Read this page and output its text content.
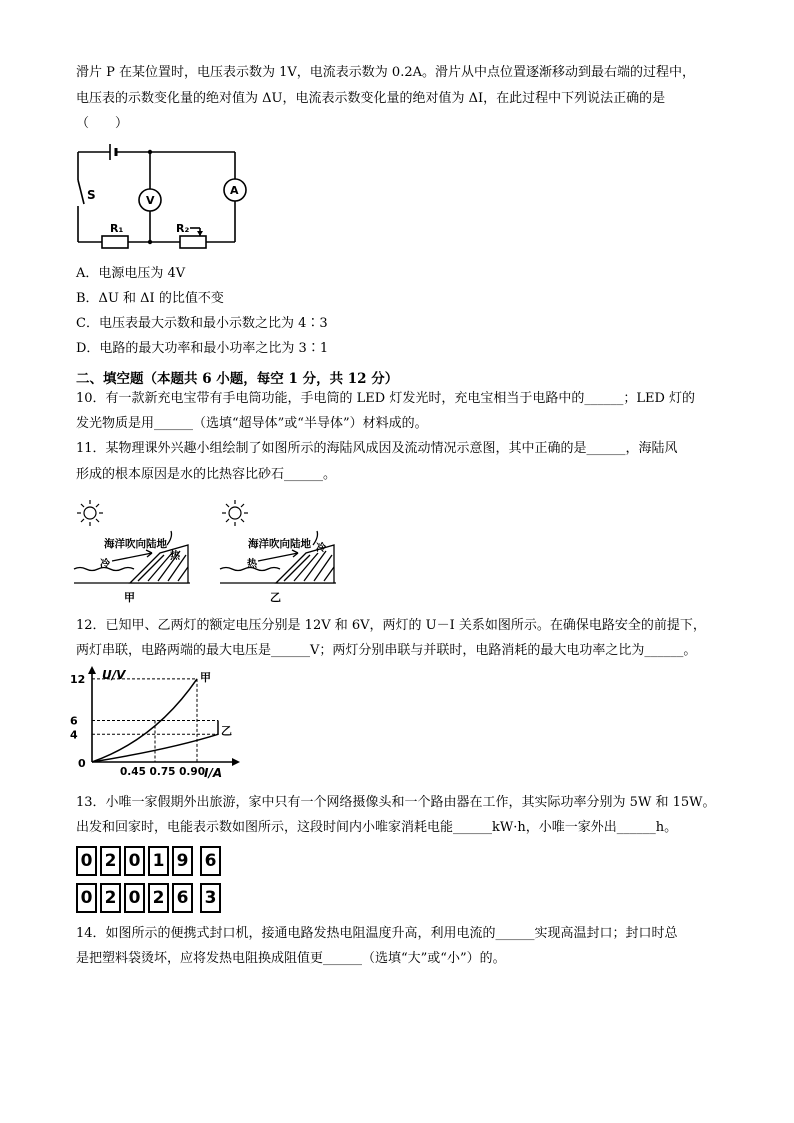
滑片 P 在某位置时，电压表示数为 1V，电流表示数为 0.2A。滑片从中点位置逐渐移动到最右端的过程中，
电压表的示数变化量的绝对值为 ΔU，电流表示数变化量的绝对值为 ΔI，在此过程中下列说法正确的是
（　　）
S
R₁	R₂
V
A
A．电源电压为 4V
B．ΔU 和 ΔI 的比值不变
C．电压表最大示数和最小示数之比为 4∶3
D．电路的最大功率和最小功率之比为 3∶1
二、填空题（本题共 6 小题，每空 1 分，共 12 分）
10．有一款新充电宝带有手电筒功能，手电筒的 LED 灯发光时，充电宝相当于电路中的______；LED 灯的
发光物质是用______（选填“超导体”或“半导体”）材料成的。
11．某物理课外兴趣小组绘制了如图所示的海陆风成因及流动情况示意图，其中正确的是______，海陆风
形成的根本原因是水的比热容比砂石______。
海洋吹向陆地
冷
热
甲
海洋吹向陆地
热
冷
乙
12．已知甲、乙两灯的额定电压分别是 12V 和 6V，两灯的 U－I 关系如图所示。在确保电路安全的前提下，
两灯串联，电路两端的最大电压是______V；两灯分别串联与并联时，电路消耗的最大电功率之比为______。
U/V
I/A
0
0.45 0.75 0.90
4
6
12	甲
乙
13．小唯一家假期外出旅游，家中只有一个网络摄像头和一个路由器在工作，其实际功率分别为 5W 和 15W。
出发和回家时，电能表示数如图所示，这段时间内小唯家消耗电能______kW·h，小唯一家外出______h。
0 2 0 1 9 6
0 2 0 2 6 3
14．如图所示的便携式封口机，接通电路发热电阻温度升高，利用电流的______实现高温封口；封口时总
是把塑料袋烫坏，应将发热电阻换成阻值更______（选填“大”或“小”）的。
